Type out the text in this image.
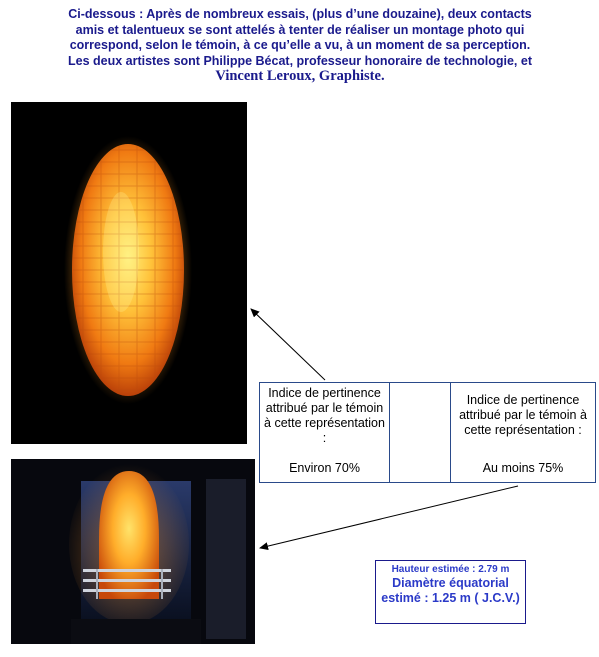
Ci-dessous : Après de nombreux essais, (plus d’une douzaine), deux contacts
amis et talentueux se sont attelés à tenter de réaliser un montage photo qui
correspond, selon le témoin, à ce qu’elle a vu, à un moment de sa perception.
Les deux artistes sont Philippe Bécat, professeur honoraire de technologie, et
Vincent Leroux, Graphiste.
Indice de pertinence attribué par le témoin à cette représentation :
Environ 70%
Indice de pertinence attribué par le témoin à cette représentation :
Au moins 75%
Hauteur estimée : 2.79 m
Diamètre équatorial estimé : 1.25 m ( J.C.V.)
